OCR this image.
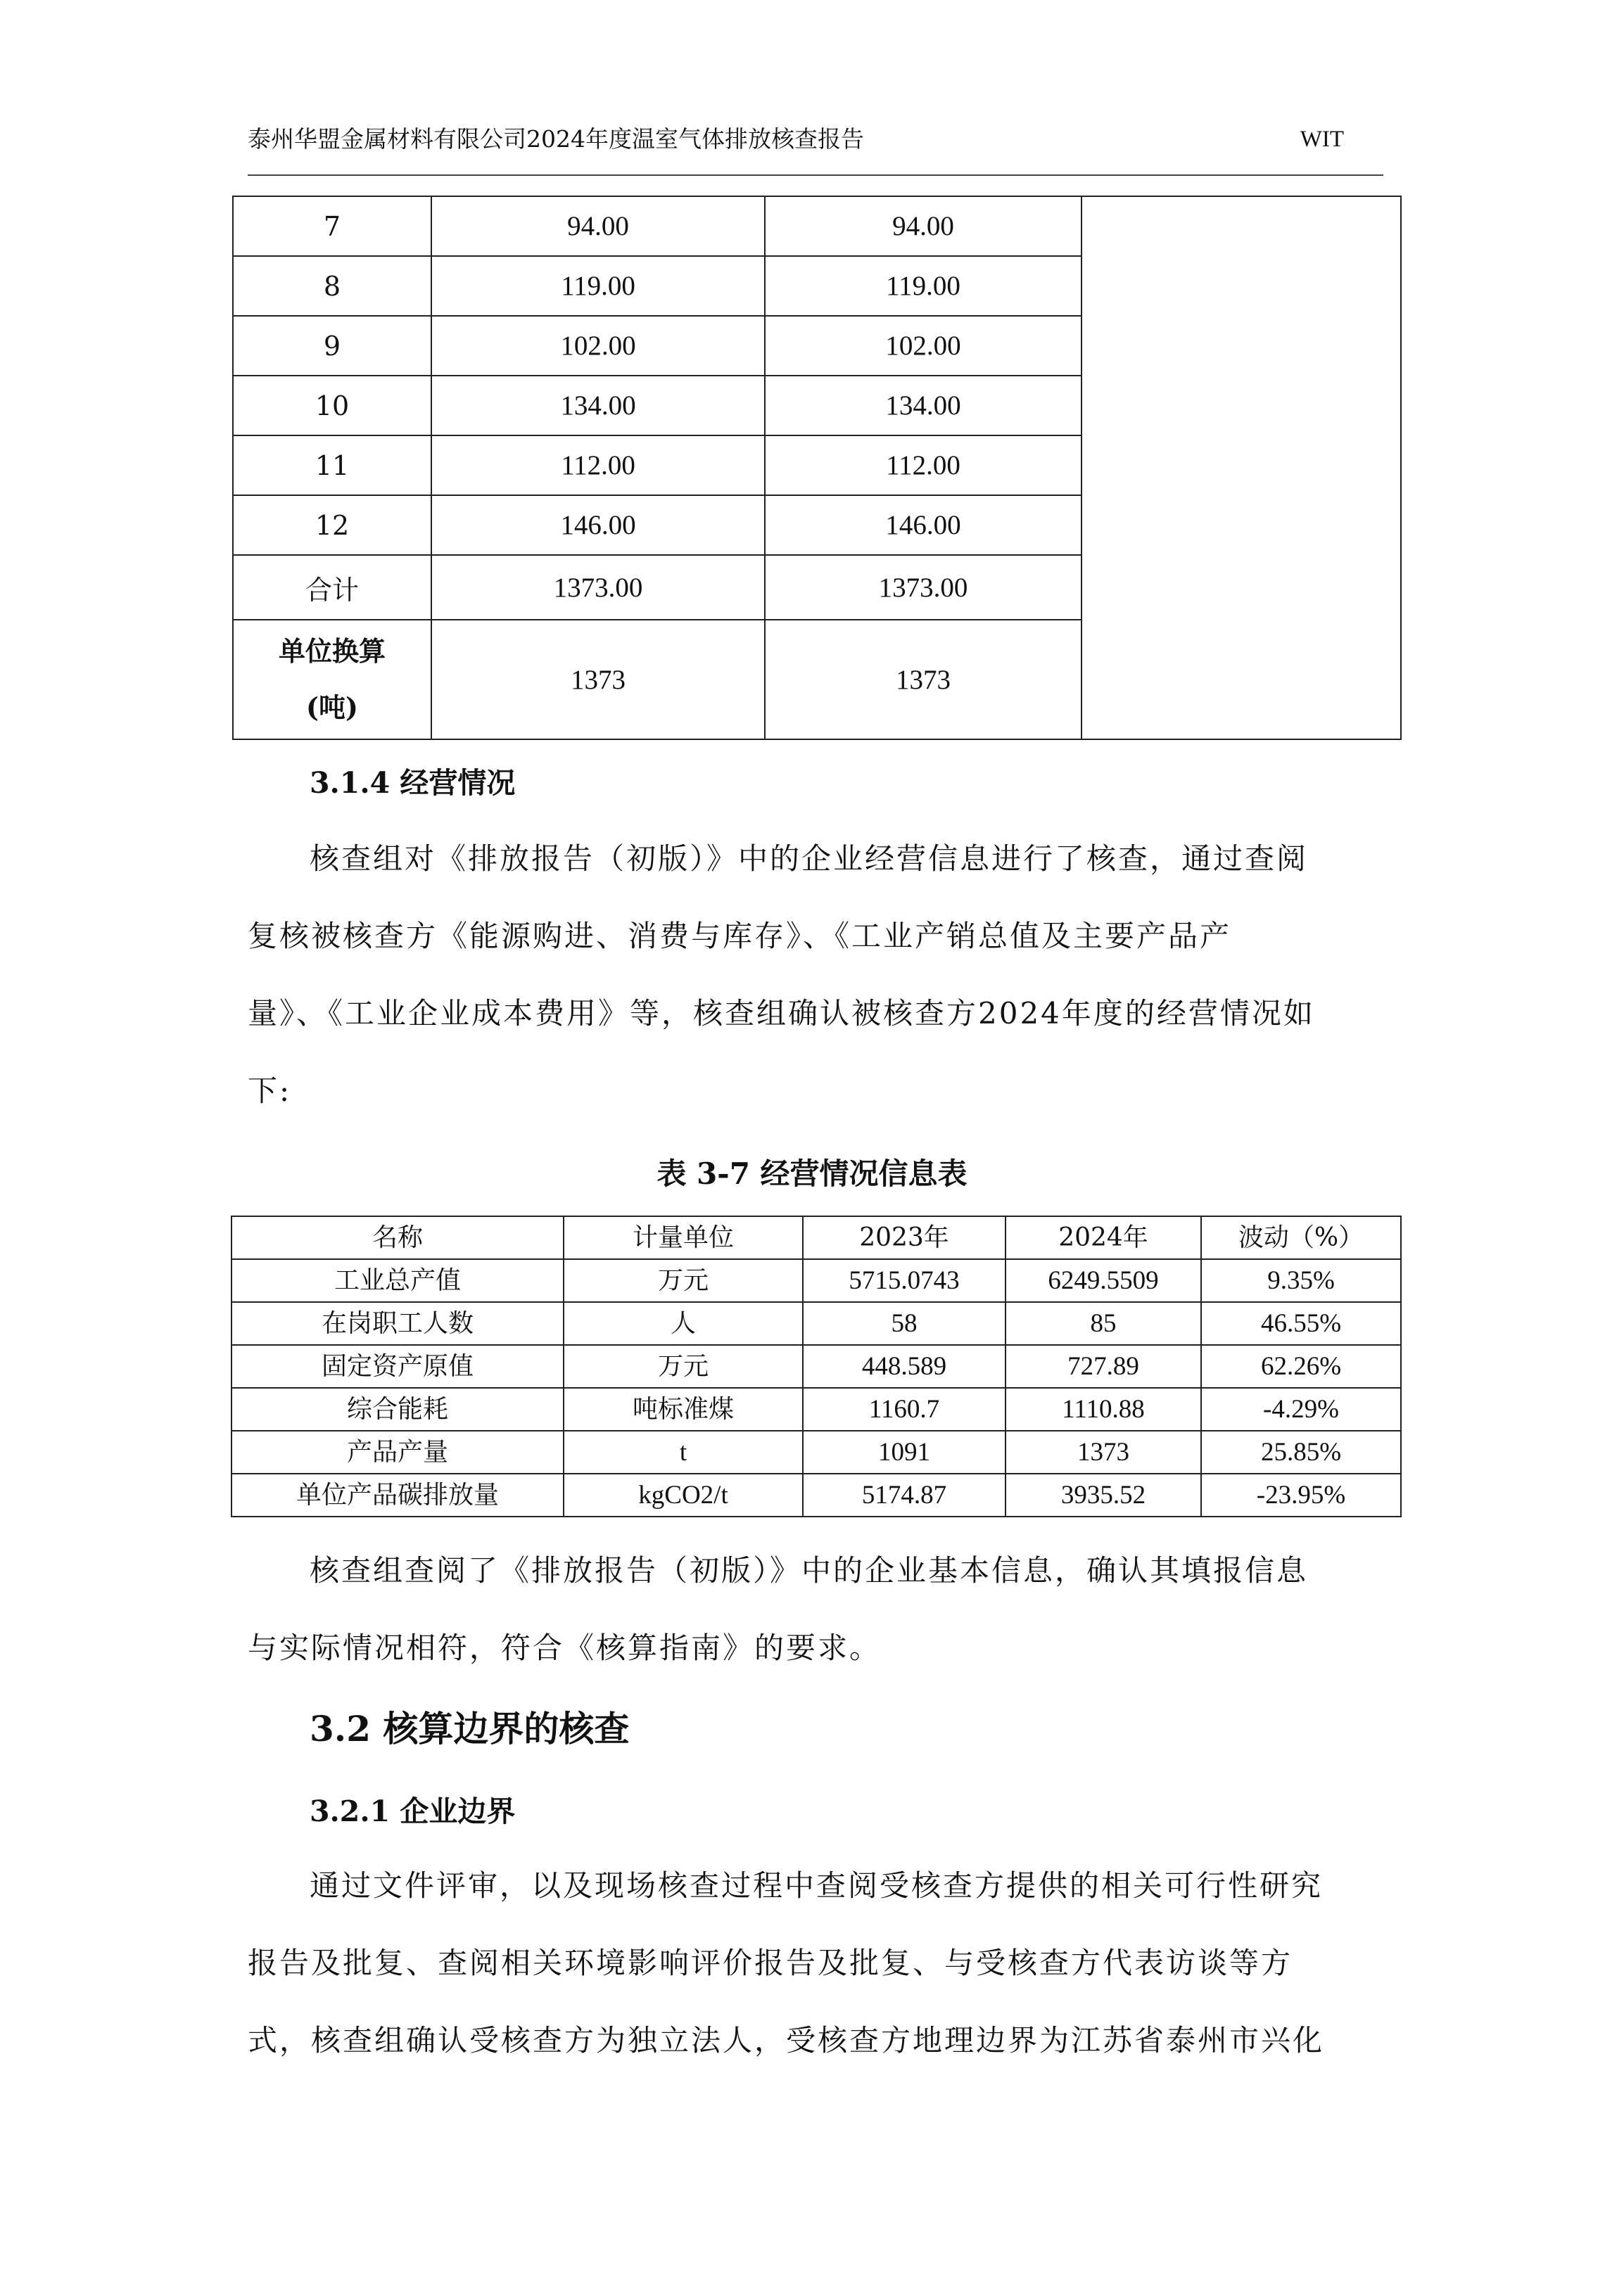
泰州华盟金属材料有限公司2024年度温室气体排放核查报告	WIT
7	94.00	94.00	
8	119.00	119.00	
9	102.00	102.00	
10	134.00	134.00	
11	112.00	112.00	
12	146.00	146.00	
合计	1373.00	1373.00	
单位换算
(吨)	1373	1373	
3.1.4 经营情况
核查组对《排放报告（初版）》中的企业经营信息进行了核查，通过查阅
复核被核查方《能源购进、消费与库存》、《工业产销总值及主要产品产
量》、《工业企业成本费用》等，核查组确认被核查方2024年度的经营情况如
下:
表 3-7 经营情况信息表
名称	计量单位	2023年	2024年	波动（%）
工业总产值	万元	5715.0743	6249.5509	9.35%
在岗职工人数	人	58	85	46.55%
固定资产原值	万元	448.589	727.89	62.26%
综合能耗	吨标准煤	1160.7	1110.88	-4.29%
产品产量	t	1091	1373	25.85%
单位产品碳排放量	kgCO2/t	5174.87	3935.52	-23.95%
核查组查阅了《排放报告（初版）》中的企业基本信息，确认其填报信息
与实际情况相符，符合《核算指南》的要求。
3.2 核算边界的核查
3.2.1 企业边界
通过文件评审，以及现场核查过程中查阅受核查方提供的相关可行性研究
报告及批复、查阅相关环境影响评价报告及批复、与受核查方代表访谈等方
式，核查组确认受核查方为独立法人，受核查方地理边界为江苏省泰州市兴化
